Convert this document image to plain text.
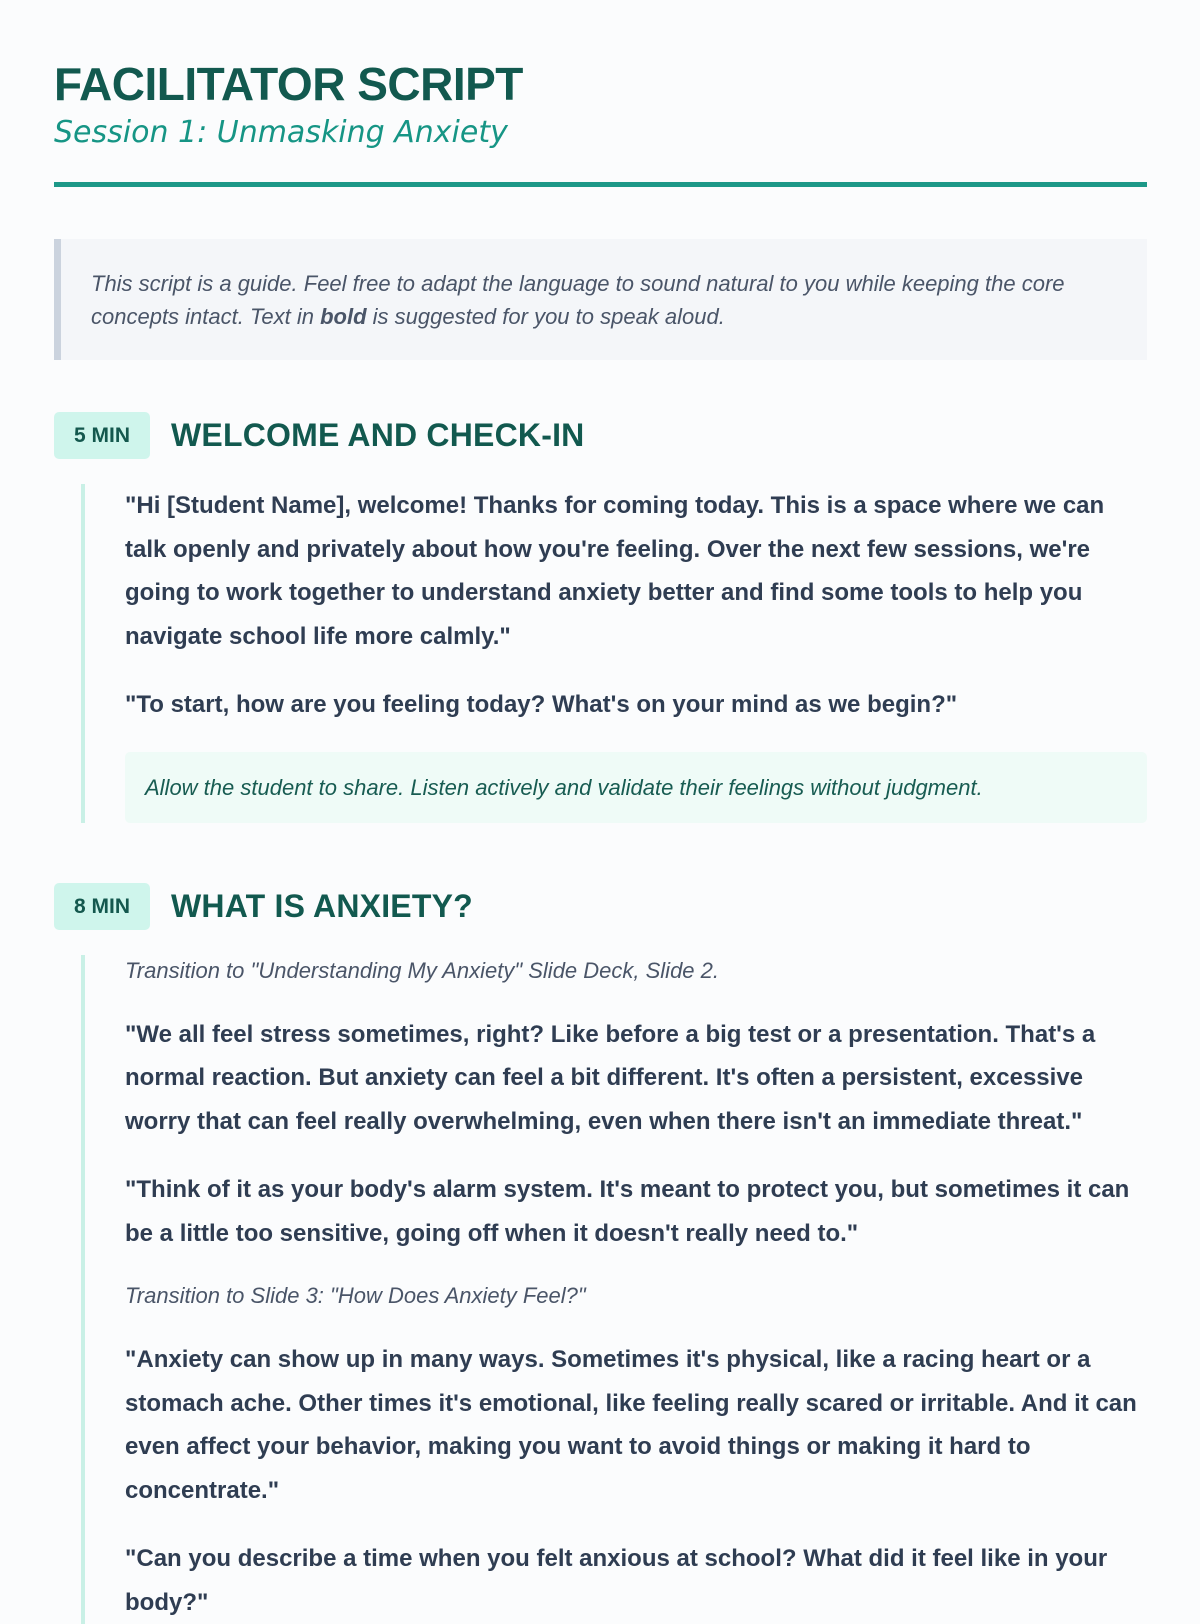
FACILITATOR SCRIPT
Session 1: Unmasking Anxiety
This script is a guide. Feel free to adapt the language to sound natural to you while keeping the core concepts intact. Text in bold is suggested for you to speak aloud.
5 MIN	WELCOME AND CHECK-IN

"Hi [Student Name], welcome! Thanks for coming today. This is a space where we can talk openly and privately about how you're feeling. Over the next few sessions, we're going to work together to understand anxiety better and find some tools to help you navigate school life more calmly."

"To start, how are you feeling today? What's on your mind as we begin?"

Allow the student to share. Listen actively and validate their feelings without judgment.
8 MIN	WHAT IS ANXIETY?

Transition to "Understanding My Anxiety" Slide Deck, Slide 2.

"We all feel stress sometimes, right? Like before a big test or a presentation. That's a normal reaction. But anxiety can feel a bit different. It's often a persistent, excessive worry that can feel really overwhelming, even when there isn't an immediate threat."

"Think of it as your body's alarm system. It's meant to protect you, but sometimes it can be a little too sensitive, going off when it doesn't really need to."

Transition to Slide 3: "How Does Anxiety Feel?"

"Anxiety can show up in many ways. Sometimes it's physical, like a racing heart or a stomach ache. Other times it's emotional, like feeling really scared or irritable. And it can even affect your behavior, making you want to avoid things or making it hard to concentrate."

"Can you describe a time when you felt anxious at school? What did it feel like in your body?"
